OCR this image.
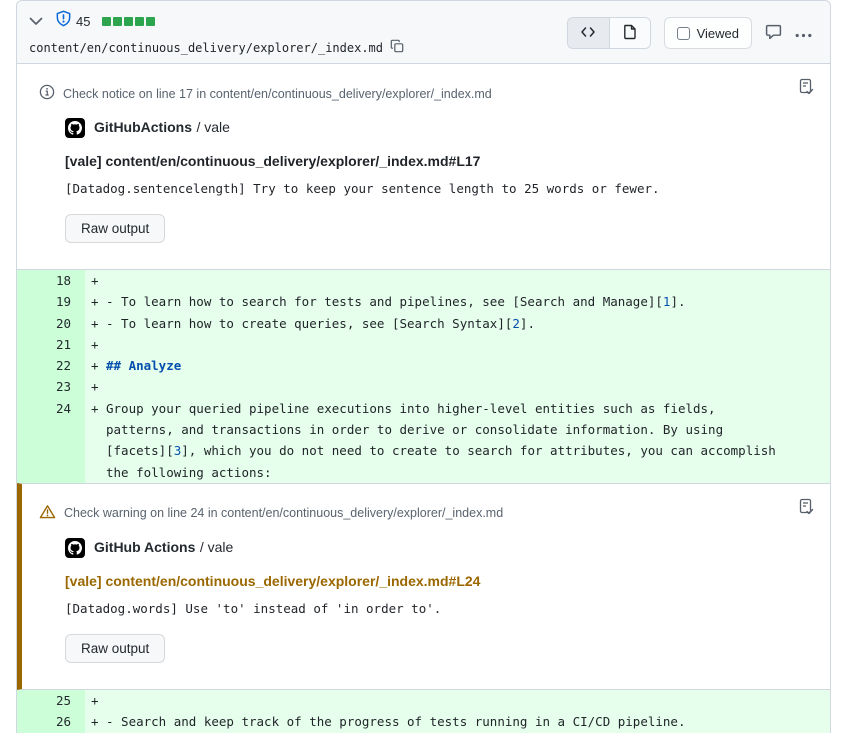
45
content/en/continuous_delivery/explorer/_index.md
Viewed
Check notice on line 17 in content/en/continuous_delivery/explorer/_index.md
GitHubActions / vale
[vale] content/en/continuous_delivery/explorer/_index.md#L17
[Datadog.sentencelength] Try to keep your sentence length to 25 words or fewer.
Raw output
18	+
19	+ - To learn how to search for tests and pipelines, see [Search and Manage][1].
20	+ - To learn how to create queries, see [Search Syntax][2].
21	+
22	+ ## Analyze
23	+
24	+ Group your queried pipeline executions into higher-level entities such as fields, patterns, and transactions in order to derive or consolidate information. By using [facets][3], which you do not need to create to search for attributes, you can accomplish the following actions:
Check warning on line 24 in content/en/continuous_delivery/explorer/_index.md
GitHub Actions / vale
[vale] content/en/continuous_delivery/explorer/_index.md#L24
[Datadog.words] Use 'to' instead of 'in order to'.
Raw output
25	+
26	+ - Search and keep track of the progress of tests running in a CI/CD pipeline.
